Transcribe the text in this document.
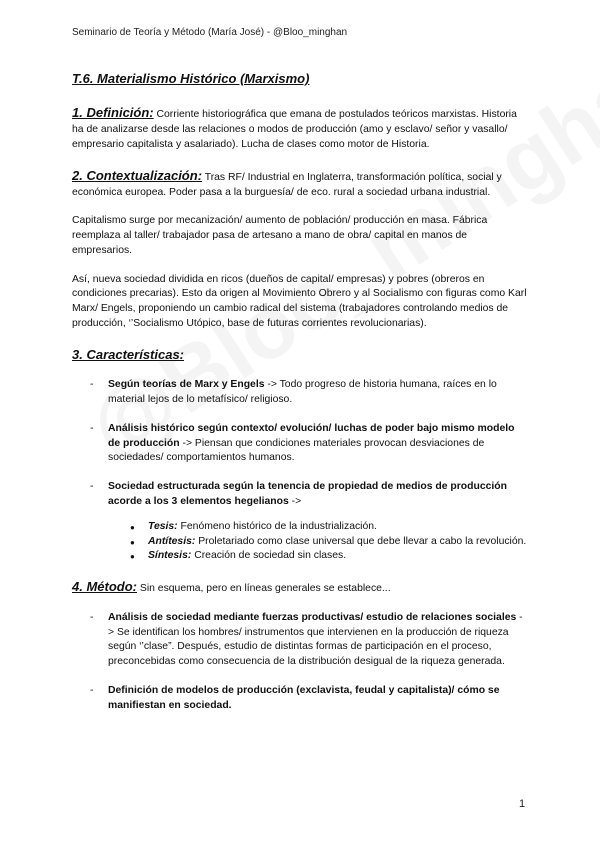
Seminario de Teoría y Método (María José) - @Bloo_minghan
T.6. Materialismo Histórico (Marxismo)

1. Definición: Corriente historiográfica que emana de postulados teóricos marxistas. Historia ha de analizarse desde las relaciones o modos de producción (amo y esclavo/ señor y vasallo/ empresario capitalista y asalariado). Lucha de clases como motor de Historia.

2. Contextualización: Tras RF/ Industrial en Inglaterra, transformación política, social y económica europea. Poder pasa a la burguesía/ de eco. rural a sociedad urbana industrial.

Capitalismo surge por mecanización/ aumento de población/ producción en masa. Fábrica reemplaza al taller/ trabajador pasa de artesano a mano de obra/ capital en manos de empresarios.

Así, nueva sociedad dividida en ricos (dueños de capital/ empresas) y pobres (obreros en condiciones precarias). Esto da origen al Movimiento Obrero y al Socialismo con figuras como Karl Marx/ Engels, proponiendo un cambio radical del sistema (trabajadores controlando medios de producción, ‘’Socialismo Utópico, base de futuras corrientes revolucionarias).

3. Características:
- Según teorías de Marx y Engels -> Todo progreso de historia humana, raíces en lo material lejos de lo metafísico/ religioso.
- Análisis histórico según contexto/ evolución/ luchas de poder bajo mismo modelo de producción -> Piensan que condiciones materiales provocan desviaciones de sociedades/ comportamientos humanos.
- Sociedad estructurada según la tenencia de propiedad de medios de producción acorde a los 3 elementos hegelianos ->
● Tesis: Fenómeno histórico de la industrialización.
● Antítesis: Proletariado como clase universal que debe llevar a cabo la revolución.
● Síntesis: Creación de sociedad sin clases.

4. Método: Sin esquema, pero en líneas generales se establece...

- Análisis de sociedad mediante fuerzas productivas/ estudio de relaciones sociales -> Se identifican los hombres/ instrumentos que intervienen en la producción de riqueza según ‘’clase”. Después, estudio de distintas formas de participación en el proceso, preconcebidas como consecuencia de la distribución desigual de la riqueza generada.
- Definición de modelos de producción (exclavista, feudal y capitalista)/ cómo se manifiestan en sociedad.
1
